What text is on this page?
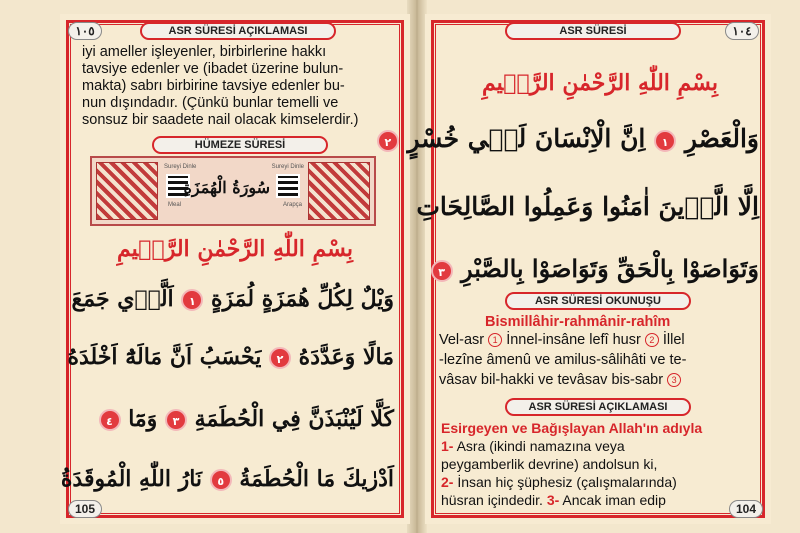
ASR SÜRESİ AÇIKLAMASI
١٠٥
iyi ameller işleyenler, birbirlerine hakkı
tavsiye edenler ve (ibadet üzerine bulun-
makta) sabrı birbirine tavsiye edenler bu-
nun dışındadır. (Çünkü bunlar temelli ve
sonsuz bir saadete nail olacak kimselerdir.)
HÜMEZE SÜRESİ
Sureyi Dinle
Meal
Sureyi Dinle
Arapça
سُورَةُ الْهُمَزَةِ
بِسْمِ اللّٰهِ الرَّحْمٰنِ الرَّح۪يمِ
وَيْلٌ لِكُلِّ هُمَزَةٍ لُمَزَةٍ ١ اَلَّذ۪ي جَمَعَ
مَالًا وَعَدَّدَهُ ٢ يَحْسَبُ اَنَّ مَالَهُٓ اَخْلَدَهُ
كَلَّا لَيُنْبَذَنَّ فِي الْحُطَمَةِ ٣ وَمَٓا ٤
اَدْرٰيكَ مَا الْحُطَمَةُ ٥ نَارُ اللّٰهِ الْمُوقَدَةُ
105
ASR SÜRESİ	١٠٤
بِسْمِ اللّٰهِ الرَّحْمٰنِ الرَّح۪يمِ
وَالْعَصْرِ ١ اِنَّ الْاِنْسَانَ لَف۪ي خُسْرٍ ٢
اِلَّا الَّذ۪ينَ اٰمَنُوا وَعَمِلُوا الصَّالِحَاتِ
وَتَوَاصَوْا بِالْحَقِّ وَتَوَاصَوْا بِالصَّبْرِ ٣
ASR SÜRESİ OKUNUŞU
Bismillâhir-rahmânir-rahîm
Vel-asr 1 İnnel-insâne lefî husr 2 İllel
-lezîne âmenû ve amilus-sâlihâti ve te-
vâsav bil-hakki ve tevâsav bis-sabr 3
ASR SÜRESİ AÇIKLAMASI
Esirgeyen ve Bağışlayan Allah'ın adıyla
1- Asra (ikindi namazına veya
peygamberlik devrine) andolsun ki,
2- İnsan hiç şüphesiz (çalışmalarında)
hüsran içindedir. 3- Ancak iman edip
104
